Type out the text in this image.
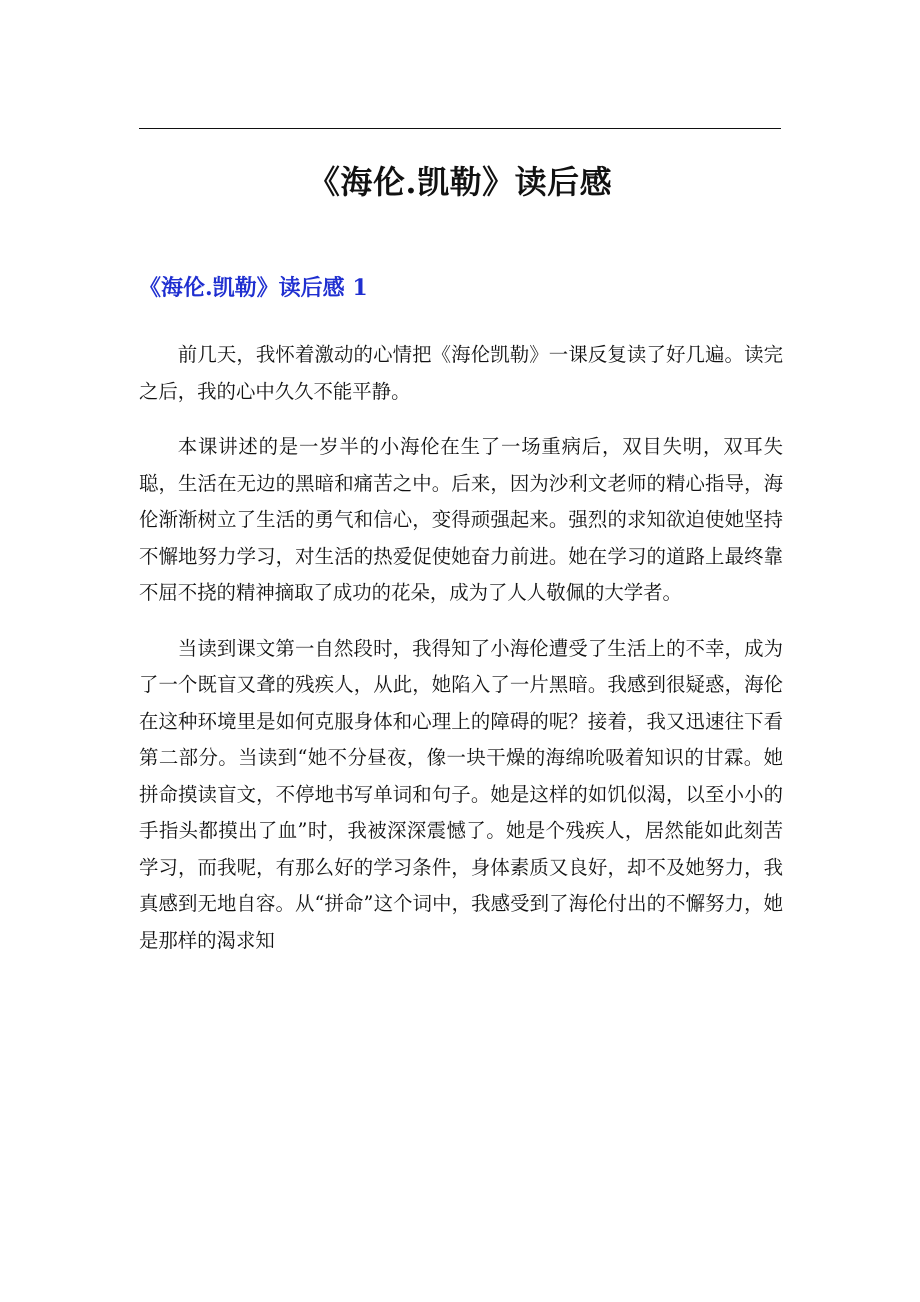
《海伦.凯勒》读后感
《海伦.凯勒》读后感 1

前几天，我怀着激动的心情把《海伦凯勒》一课反复读了好几遍。读完之后，我的心中久久不能平静。

本课讲述的是一岁半的小海伦在生了一场重病后，双目失明，双耳失聪，生活在无边的黑暗和痛苦之中。后来，因为沙利文老师的精心指导，海伦渐渐树立了生活的勇气和信心，变得顽强起来。强烈的求知欲迫使她坚持不懈地努力学习，对生活的热爱促使她奋力前进。她在学习的道路上最终靠不屈不挠的精神摘取了成功的花朵，成为了人人敬佩的大学者。

当读到课文第一自然段时，我得知了小海伦遭受了生活上的不幸，成为了一个既盲又聋的残疾人，从此，她陷入了一片黑暗。我感到很疑惑，海伦在这种环境里是如何克服身体和心理上的障碍的呢？接着，我又迅速往下看第二部分。当读到“她不分昼夜，像一块干燥的海绵吮吸着知识的甘霖。她拼命摸读盲文，不停地书写单词和句子。她是这样的如饥似渴，以至小小的手指头都摸出了血”时，我被深深震憾了。她是个残疾人，居然能如此刻苦学习，而我呢，有那么好的学习条件，身体素质又良好，却不及她努力，我真感到无地自容。从“拼命”这个词中，我感受到了海伦付出的不懈努力，她是那样的渴求知
